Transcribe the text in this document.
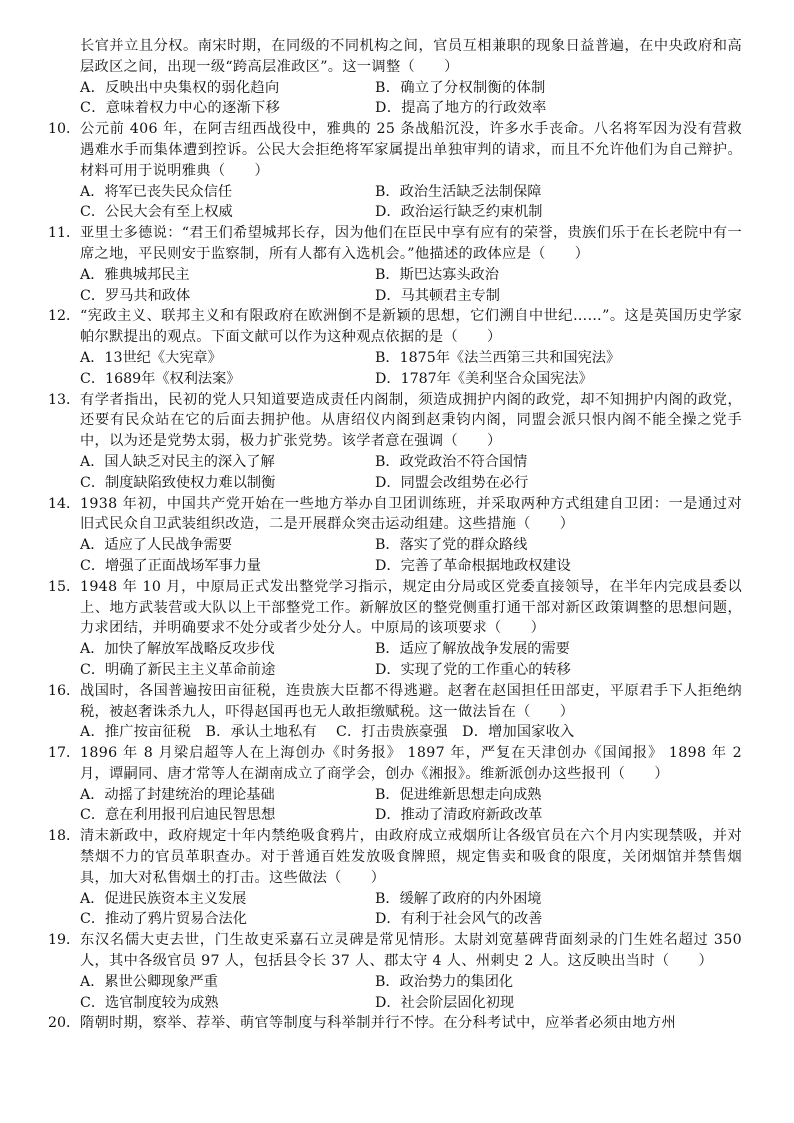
长官并立且分权。南宋时期，在同级的不同机构之间，官员互相兼职的现象日益普遍，在中央政府和高层政区之间，出现一级“跨高层准政区”。这一调整（　　）
A．反映出中央集权的弱化趋向	B．确立了分权制衡的体制
C．意味着权力中心的逐渐下移	D．提高了地方的行政效率
10． 公元前 406 年，在阿吉纽西战役中，雅典的 25 条战船沉没，许多水手丧命。八名将军因为没有营救遇难水手而集体遭到控诉。公民大会拒绝将军家属提出单独审判的请求，而且不允许他们为自己辩护。材料可用于说明雅典（　　）
A．将军已丧失民众信任	B．政治生活缺乏法制保障
C．公民大会有至上权威	D．政治运行缺乏约束机制
11． 亚里士多德说：“君王们希望城邦长存，因为他们在臣民中享有应有的荣誉，贵族们乐于在长老院中有一席之地，平民则安于监察制，所有人都有入选机会。”他描述的政体应是（　　）
A．雅典城邦民主	B．斯巴达寡头政治
C．罗马共和政体	D．马其顿君主专制
12． “宪政主义、联邦主义和有限政府在欧洲倒不是新颖的思想，它们溯自中世纪……”。这是英国历史学家帕尔默提出的观点。下面文献可以作为这种观点依据的是（　　）
A．13世纪《大宪章》	B．1875年《法兰西第三共和国宪法》
C．1689年《权利法案》	D．1787年《美利坚合众国宪法》
13． 有学者指出，民初的党人只知道要造成责任内阁制，须造成拥护内阁的政党，却不知拥护内阁的政党，还要有民众站在它的后面去拥护他。从唐绍仪内阁到赵秉钧内阁，同盟会派只恨内阁不能全操之党手中，以为还是党势太弱，极力扩张党势。该学者意在强调（　　）
A．国人缺乏对民主的深入了解	B．政党政治不符合国情
C．制度缺陷致使权力难以制衡	D．同盟会改组势在必行
14． 1938 年初，中国共产党开始在一些地方举办自卫团训练班，并采取两种方式组建自卫团：一是通过对旧式民众自卫武装组织改造，二是开展群众突击运动组建。这些措施（　　）
A．适应了人民战争需要	B．落实了党的群众路线
C．增强了正面战场军事力量	D．完善了革命根据地政权建设
15． 1948 年 10 月，中原局正式发出整党学习指示，规定由分局或区党委直接领导，在半年内完成县委以上、地方武装营或大队以上干部整党工作。新解放区的整党侧重打通干部对新区政策调整的思想问题，力求团结，并明确要求不处分或者少处分人。中原局的该项要求（　　）
A．加快了解放军战略反攻步伐	B．适应了解放战争发展的需要
C．明确了新民主主义革命前途	D．实现了党的工作重心的转移
16． 战国时，各国普遍按田亩征税，连贵族大臣都不得逃避。赵奢在赵国担任田部吏，平原君手下人拒绝纳税，被赵奢诛杀九人，吓得赵国再也无人敢拒缴赋税。这一做法旨在（　　）
A．推广按亩征税　B．承认土地私有　 C．打击贵族豪强　D．增加国家收入
17． 1896 年 8 月梁启超等人在上海创办《时务报》 1897 年，严复在天津创办《国闻报》 1898 年 2 月，谭嗣同、唐才常等人在湖南成立了商学会，创办《湘报》。维新派创办这些报刊（　　）
A．动摇了封建统治的理论基础	B．促进维新思想走向成熟
C．意在利用报刊启迪民智思想	D．推动了清政府新政改革
18． 清末新政中，政府规定十年内禁绝吸食鸦片，由政府成立戒烟所让各级官员在六个月内实现禁吸，并对禁烟不力的官员革职查办。对于普通百姓发放吸食牌照，规定售卖和吸食的限度，关闭烟馆并禁售烟具，加大对私售烟土的打击。这些做法（　　）
A．促进民族资本主义发展	B．缓解了政府的内外困境
C．推动了鸦片贸易合法化	D．有利于社会风气的改善
19． 东汉名儒大吏去世，门生故吏采嘉石立灵碑是常见情形。太尉刘宽墓碑背面刻录的门生姓名超过 350 人，其中各级官员 97 人，包括县令长 37 人、郡太守 4 人、州刺史 2 人。这反映出当时（　　）
A．累世公卿现象严重	B．政治势力的集团化
C．选官制度较为成熟	D．社会阶层固化初现
20． 隋朝时期，察举、荐举、萌官等制度与科举制并行不悖。在分科考试中，应举者必须由地方州
